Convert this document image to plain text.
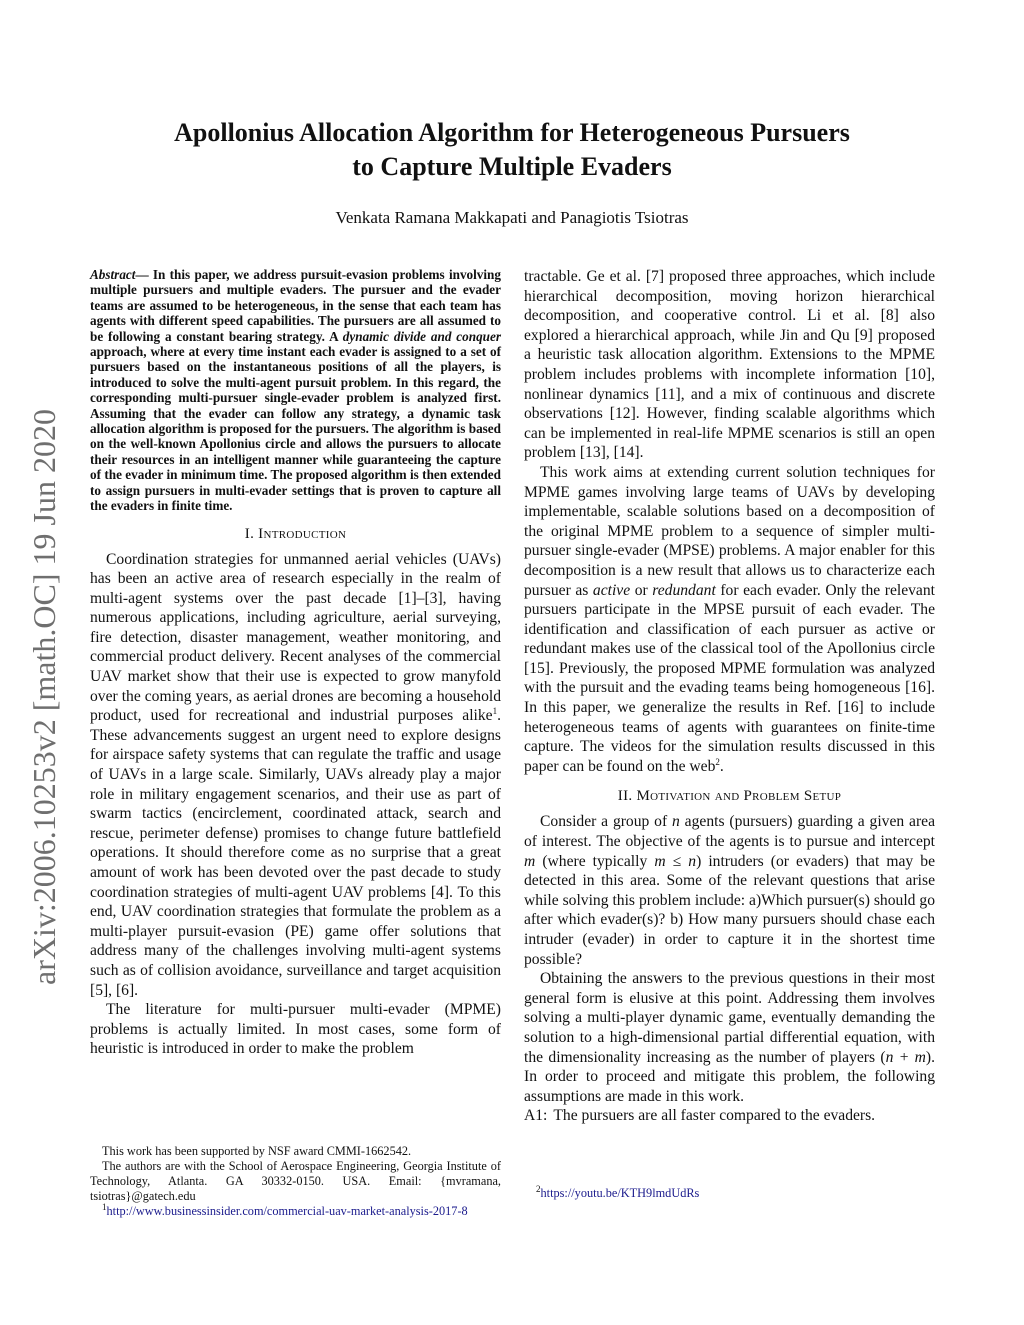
arXiv:2006.10253v2 [math.OC] 19 Jun 2020
Apollonius Allocation Algorithm for Heterogeneous Pursuers
to Capture Multiple Evaders
Venkata Ramana Makkapati and Panagiotis Tsiotras

Abstract— In this paper, we address pursuit-evasion problems involving multiple pursuers and multiple evaders. The pursuer and the evader teams are assumed to be heterogeneous, in the sense that each team has agents with different speed capabilities. The pursuers are all assumed to be following a constant bearing strategy. A dynamic divide and conquer approach, where at every time instant each evader is assigned to a set of pursuers based on the instantaneous positions of all the players, is introduced to solve the multi-agent pursuit problem. In this regard, the corresponding multi-pursuer single-evader problem is analyzed first. Assuming that the evader can follow any strategy, a dynamic task allocation algorithm is proposed for the pursuers. The algorithm is based on the well-known Apollonius circle and allows the pursuers to allocate their resources in an intelligent manner while guaranteeing the capture of the evader in minimum time. The proposed algorithm is then extended to assign pursuers in multi-evader settings that is proven to capture all the evaders in finite time.

I. Introduction

Coordination strategies for unmanned aerial vehicles (UAVs) has been an active area of research especially in the realm of multi-agent systems over the past decade [1]–[3], having numerous applications, including agriculture, aerial surveying, fire detection, disaster management, weather monitoring, and commercial product delivery. Recent analyses of the commercial UAV market show that their use is expected to grow manyfold over the coming years, as aerial drones are becoming a household product, used for recreational and industrial purposes alike$^1$. These advancements suggest an urgent need to explore designs for airspace safety systems that can regulate the traffic and usage of UAVs in a large scale. Similarly, UAVs already play a major role in military engagement scenarios, and their use as part of swarm tactics (encirclement, coordinated attack, search and rescue, perimeter defense) promises to change future battlefield operations. It should therefore come as no surprise that a great amount of work has been devoted over the past decade to study coordination strategies of multi-agent UAV problems [4]. To this end, UAV coordination strategies that formulate the problem as a multi-player pursuit-evasion (PE) game offer solutions that address many of the challenges involving multi-agent systems such as of collision avoidance, surveillance and target acquisition [5], [6].

The literature for multi-pursuer multi-evader (MPME) problems is actually limited. In most cases, some form of heuristic is introduced in order to make the problem

This work has been supported by NSF award CMMI-1662542.

The authors are with the School of Aerospace Engineering, Georgia Institute of Technology, Atlanta. GA 30332-0150. USA. Email: {mvramana, tsiotras}@gatech.edu

$^1$http://www.businessinsider.com/commercial-uav-market-analysis-2017-8

tractable. Ge et al. [7] proposed three approaches, which include hierarchical decomposition, moving horizon hierarchical decomposition, and cooperative control. Li et al. [8] also explored a hierarchical approach, while Jin and Qu [9] proposed a heuristic task allocation algorithm. Extensions to the MPME problem includes problems with incomplete information [10], nonlinear dynamics [11], and a mix of continuous and discrete observations [12]. However, finding scalable algorithms which can be implemented in real-life MPME scenarios is still an open problem [13], [14].

This work aims at extending current solution techniques for MPME games involving large teams of UAVs by developing implementable, scalable solutions based on a decomposition of the original MPME problem to a sequence of simpler multi-pursuer single-evader (MPSE) problems. A major enabler for this decomposition is a new result that allows us to characterize each pursuer as active or redundant for each evader. Only the relevant pursuers participate in the MPSE pursuit of each evader. The identification and classification of each pursuer as active or redundant makes use of the classical tool of the Apollonius circle [15]. Previously, the proposed MPME formulation was analyzed with the pursuit and the evading teams being homogeneous [16]. In this paper, we generalize the results in Ref. [16] to include heterogeneous teams of agents with guarantees on finite-time capture. The videos for the simulation results discussed in this paper can be found on the web$^2$.

II. Motivation and Problem Setup

Consider a group of n agents (pursuers) guarding a given area of interest. The objective of the agents is to pursue and intercept m (where typically m ≤ n) intruders (or evaders) that may be detected in this area. Some of the relevant questions that arise while solving this problem include: a)Which pursuer(s) should go after which evader(s)? b) How many pursuers should chase each intruder (evader) in order to capture it in the shortest time possible?

Obtaining the answers to the previous questions in their most general form is elusive at this point. Addressing them involves solving a multi-player dynamic game, eventually demanding the solution to a high-dimensional partial differential equation, with the dimensionality increasing as the number of players (n + m). In order to proceed and mitigate this problem, the following assumptions are made in this work.

A1: The pursuers are all faster compared to the evaders.

$^2$https://youtu.be/KTH9lmdUdRs
